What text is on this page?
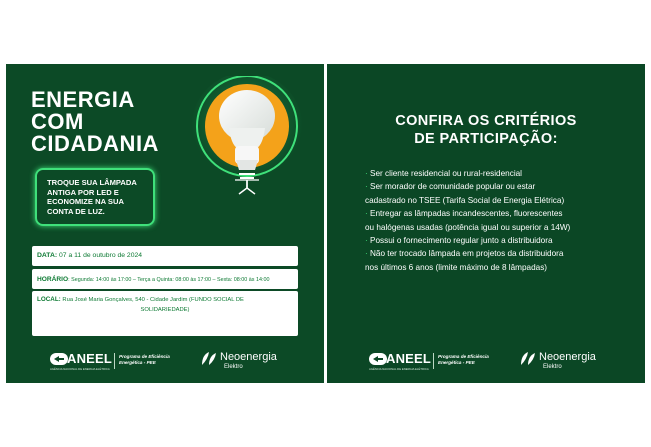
ENERGIA
COM
CIDADANIA
TROQUE SUA LÂMPADA
ANTIGA POR LED E
ECONOMIZE NA SUA
CONTA DE LUZ.
DATA: 07 a 11 de outubro de 2024
HORÁRIO: Segunda: 14:00 às 17:00 – Terça a Quinta: 08:00 às 17:00 – Sexta: 08:00 às 14:00
LOCAL: Rua José Maria Gonçalves, 540 - Cidade Jardim (FUNDO SOCIAL DE
SOLIDARIEDADE)
ANEEL
AGÊNCIA NACIONAL DE ENERGIA ELÉTRICA
Programa de Eficiência
Energética - PEE	Neoenergia
Elektro
CONFIRA OS CRITÉRIOS
DE PARTICIPAÇÃO:
· Ser cliente residencial ou rural-residencial
· Ser morador de comunidade popular ou estar
cadastrado no TSEE (Tarifa Social de Energia Elétrica)
· Entregar as lâmpadas incandescentes, fluorescentes
ou halógenas usadas (potência igual ou superior a 14W)
· Possui o fornecimento regular junto a distribuidora
· Não ter trocado lâmpada em projetos da distribuidora
nos últimos 6 anos (limite máximo de 8 lâmpadas)
ANEEL
AGÊNCIA NACIONAL DE ENERGIA ELÉTRICA
Programa de Eficiência
Energética - PEE	Neoenergia
Elektro
